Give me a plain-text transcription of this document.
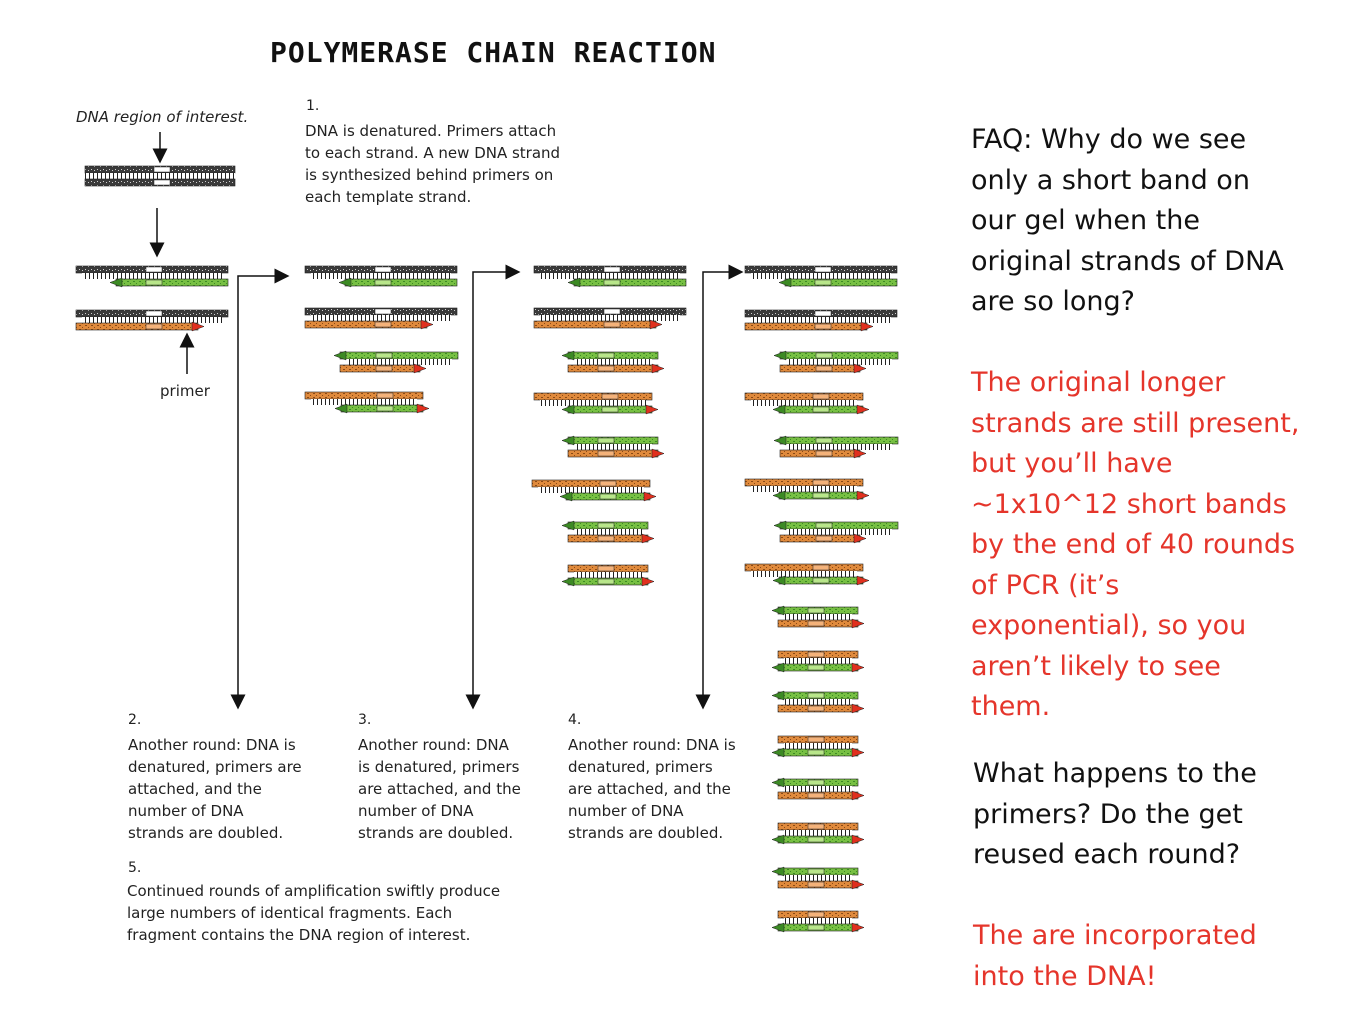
POLYMERASE CHAIN REACTION
DNA region of interest.
primer
1.
DNA is denatured. Primers attach
to each strand. A new DNA strand
is synthesized behind primers on
each template strand.
2.
Another round: DNA is
denatured, primers are
attached, and the
number of DNA
strands are doubled.
3.
Another round: DNA
is denatured, primers
are attached, and the
number of DNA
strands are doubled.
4.
Another round: DNA is
denatured, primers
are attached, and the
number of DNA
strands are doubled.
5.
Continued rounds of amplification swiftly produce
large numbers of identical fragments. Each
fragment contains the DNA region of interest.
FAQ: Why do we see only a short band on our gel when the original strands of DNA are so long?
The original longer strands are still present, but you’ll have ~1x10^12 short bands by the end of 40 rounds of PCR (it’s exponential), so you aren’t likely to see them.
What happens to the primers? Do the get reused each round?
The are incorporated into the DNA!
